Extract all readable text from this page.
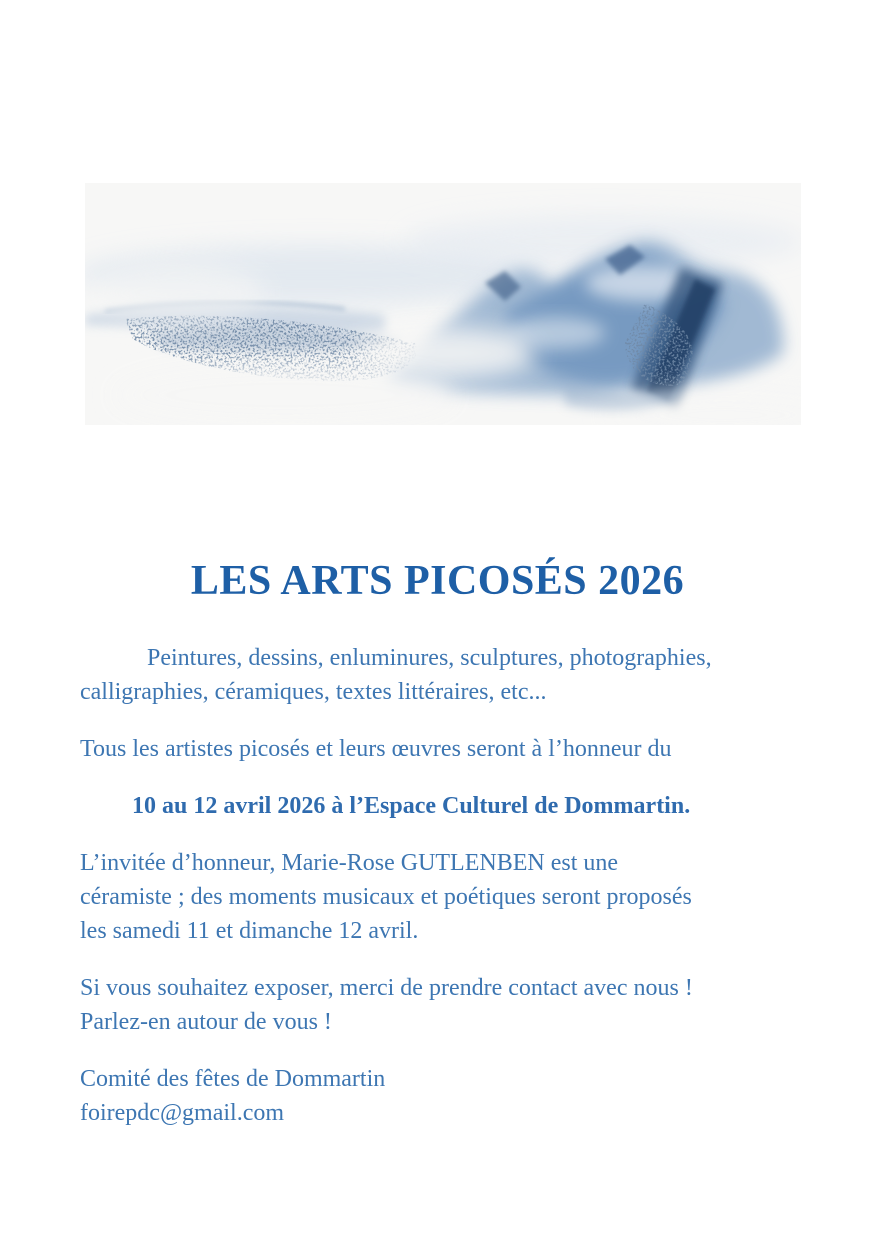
LES ARTS PICOSÉS 2026
Peintures, dessins, enluminures, sculptures, photographies,
calligraphies, céramiques, textes littéraires, etc...
Tous les artistes picosés et leurs œuvres seront à l’honneur du
10 au 12 avril 2026 à l’Espace Culturel de Dommartin.
L’invitée d’honneur, Marie-Rose GUTLENBEN est une
céramiste ; des moments musicaux et poétiques seront proposés
les samedi 11 et dimanche 12 avril.
Si vous souhaitez exposer, merci de prendre contact avec nous !
Parlez-en autour de vous !
Comité des fêtes de Dommartin
foirepdc@gmail.com
